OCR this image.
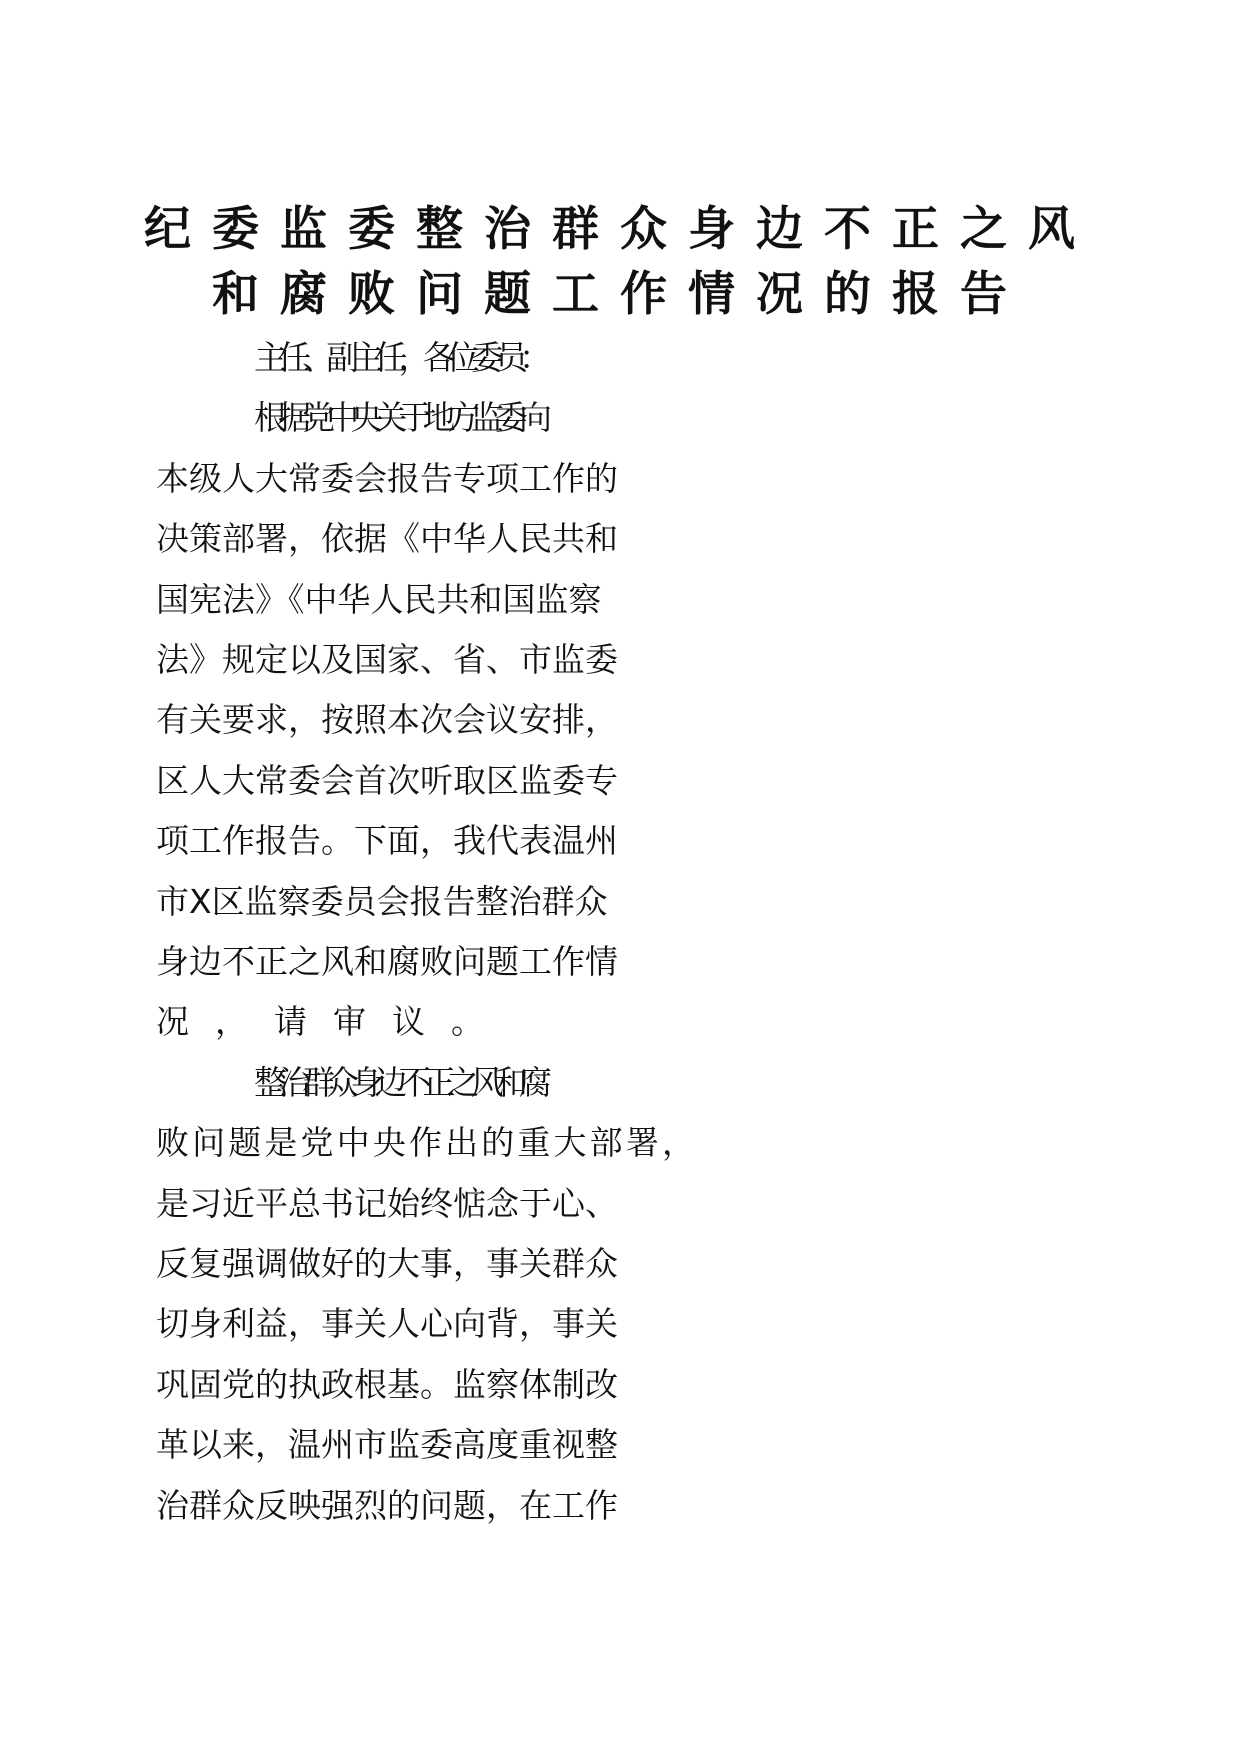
纪委监委整治群众身边不正之风
和腐败问题工作情况的报告
主任、副主任，各位委员：
根据党中央关于地方监委向
本级人大常委会报告专项工作的
决策部署，依据《中华人民共和
国宪法》《中华人民共和国监察
法》规定以及国家、省、市监委
有关要求，按照本次会议安排，
区人大常委会首次听取区监委专
项工作报告。下面，我代表温州
市X区监察委员会报告整治群众
身边不正之风和腐败问题工作情
况，请审议。
整治群众身边不正之风和腐
败问题是党中央作出的重大部署，
是习近平总书记始终惦念于心、
反复强调做好的大事，事关群众
切身利益，事关人心向背，事关
巩固党的执政根基。监察体制改
革以来，温州市监委高度重视整
治群众反映强烈的问题，在工作
